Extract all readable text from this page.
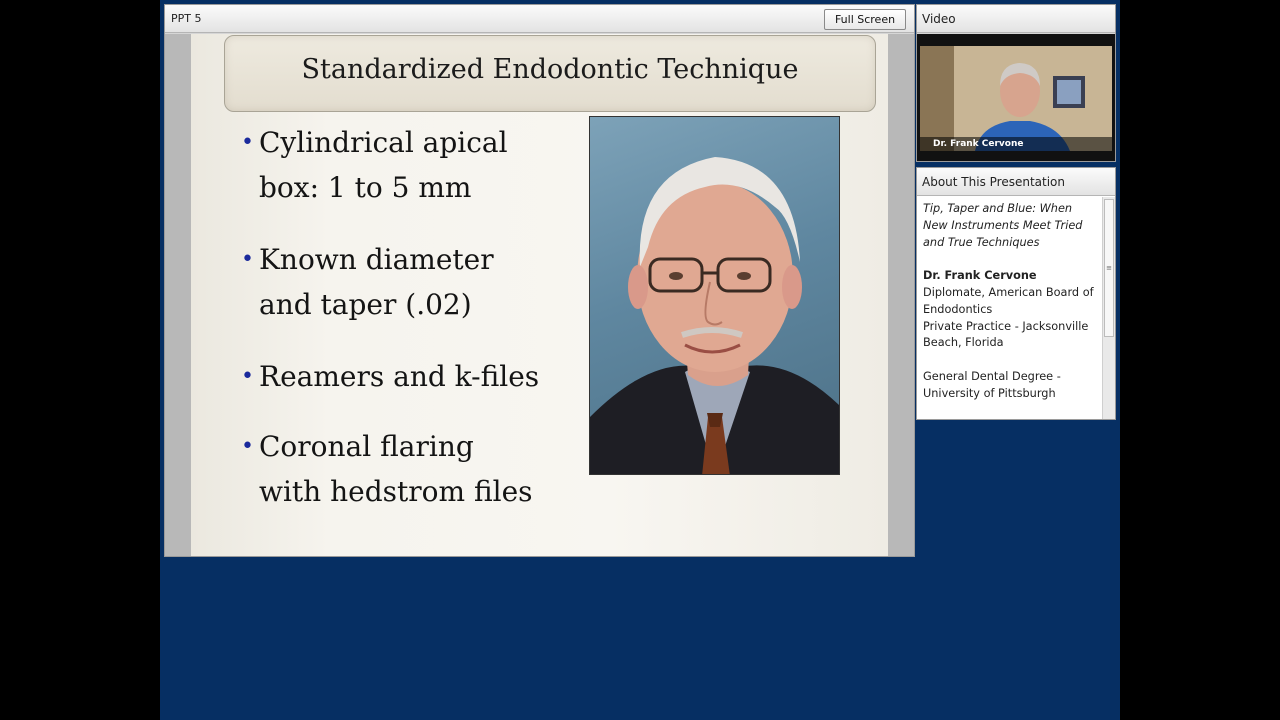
PPT 5	Full Screen
Standardized Endodontic Technique
• Cylindrical apical
box: 1 to 5 mm
• Known diameter
and taper (.02)
• Reamers and k-files
• Coronal flaring
with hedstrom files
Video
Dr. Frank Cervone
About This Presentation

Tip, Taper and Blue: When New Instruments Meet Tried and True Techniques

Dr. Frank Cervone

Diplomate, American Board of Endodontics

Private Practice - Jacksonville Beach, Florida

General Dental Degree - University of Pittsburgh

≡
